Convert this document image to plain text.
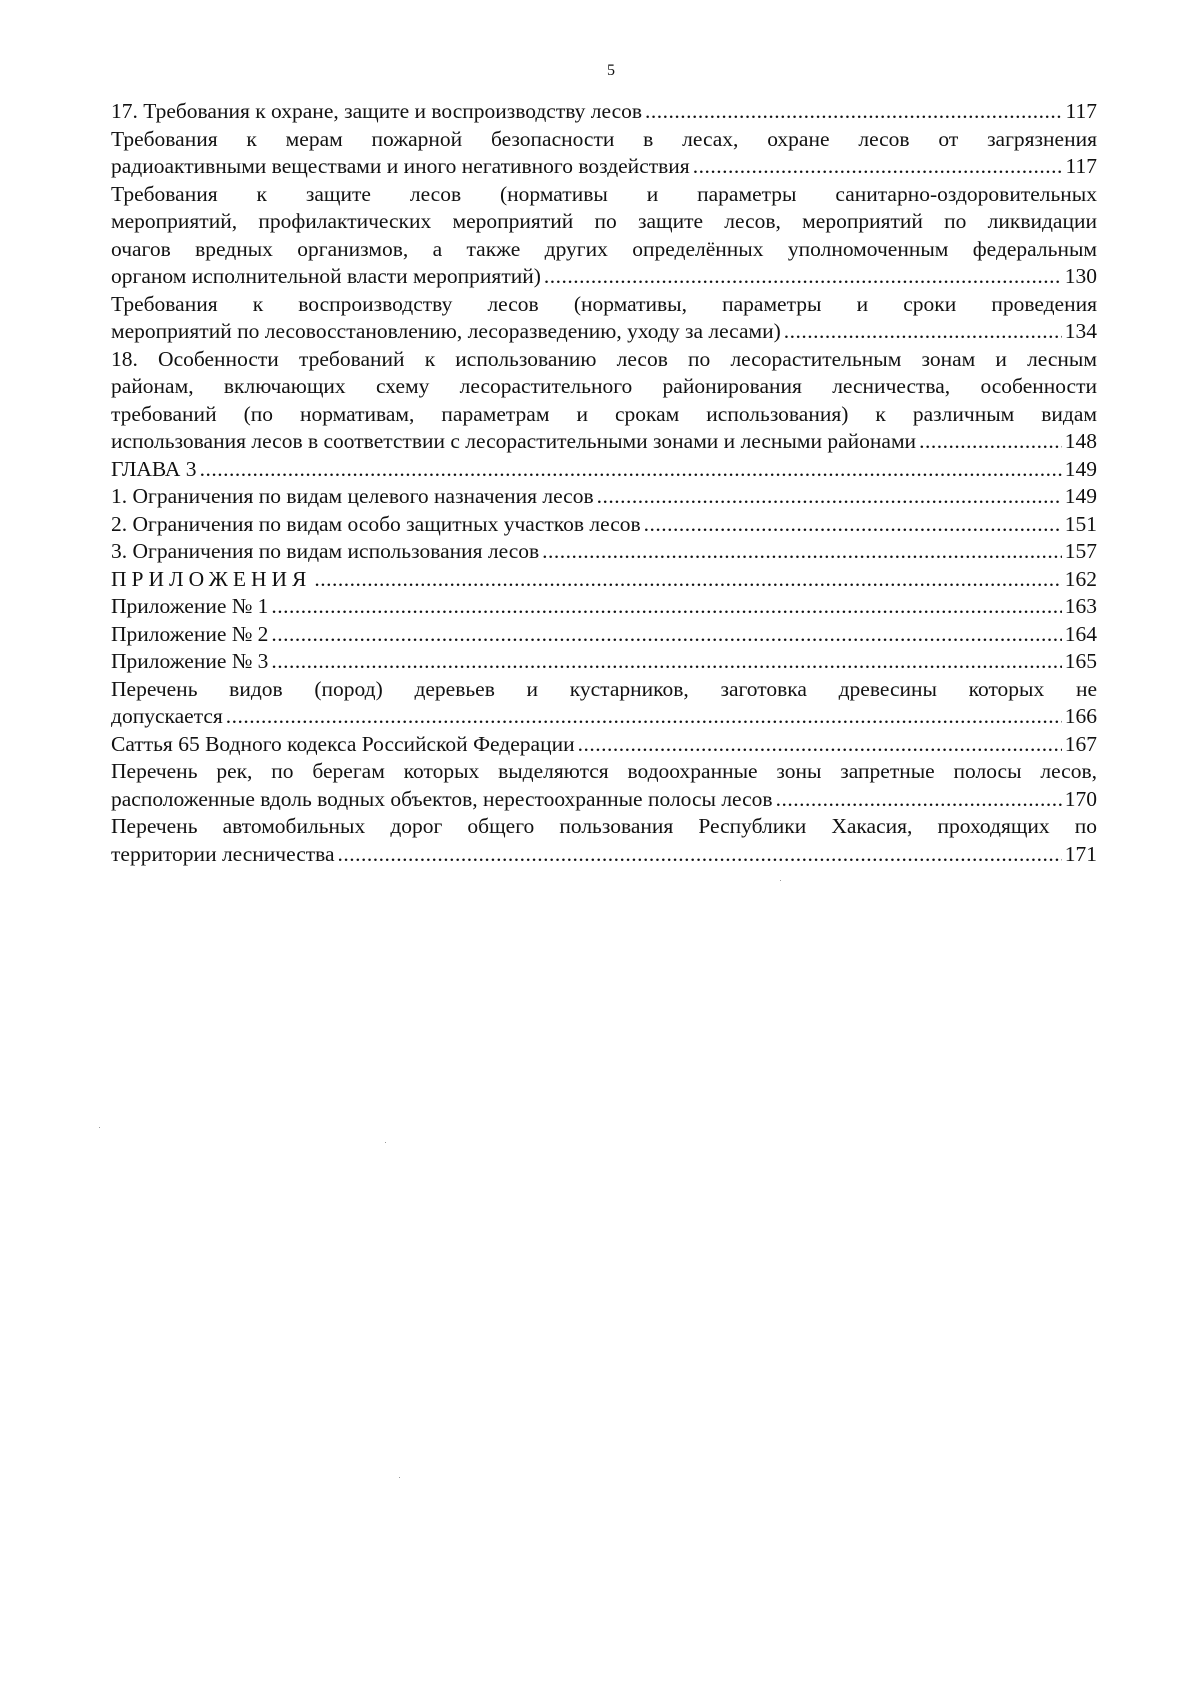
5
17. Требования к охране, защите и воспроизводству лесов .....	117
Требования к мерам пожарной безопасности в лесах, охране лесов от загрязнения
радиоактивными веществами и иного негативного воздействия .....	117
Требования к защите лесов (нормативы и параметры санитарно-оздоровительных
мероприятий, профилактических мероприятий по защите лесов, мероприятий по ликвидации
очагов вредных организмов, а также других определённых уполномоченным федеральным
органом исполнительной власти мероприятий) .....	130
Требования к воспроизводству лесов (нормативы, параметры и сроки проведения
мероприятий по лесовосстановлению, лесоразведению, уходу за лесами) .....	134
18. Особенности требований к использованию лесов по лесорастительным зонам и лесным
районам, включающих схему лесорастительного районирования лесничества, особенности
требований (по нормативам, параметрам и срокам использования) к различным видам
использования лесов в соответствии с лесорастительными зонами и лесными районами .....	148
ГЛАВА 3 .....	149
1. Ограничения по видам целевого назначения лесов .....	149
2. Ограничения по видам особо защитных участков лесов .....	151
3. Ограничения по видам использования лесов .....	157
ПРИЛОЖЕНИЯ .....	162
Приложение № 1 .....	163
Приложение № 2 .....	164
Приложение № 3 .....	165
Перечень видов (пород) деревьев и кустарников, заготовка древесины которых не
допускается .....	166
Саттья 65 Водного кодекса Российской Федерации .....	167
Перечень рек, по берегам которых выделяются водоохранные зоны запретные полосы лесов,
расположенные вдоль водных объектов, нерестоохранные полосы лесов .....	170
Перечень автомобильных дорог общего пользования Республики Хакасия, проходящих по
территории лесничества .....	171
